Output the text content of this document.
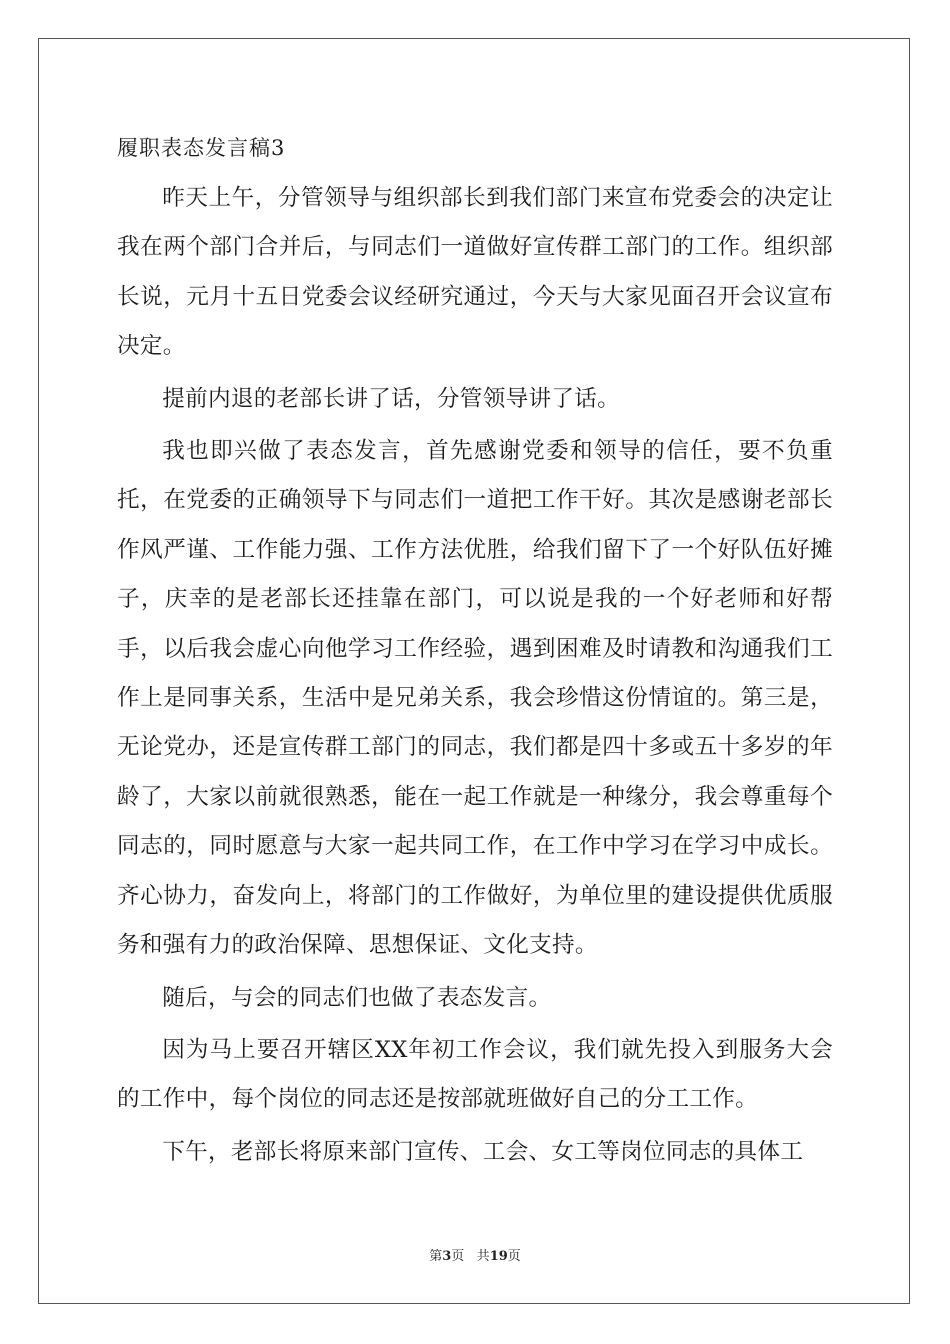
履职表态发言稿3

昨天上午，分管领导与组织部长到我们部门来宣布党委会的决定让我在两个部门合并后，与同志们一道做好宣传群工部门的工作。组织部长说，元月十五日党委会议经研究通过，今天与大家见面召开会议宣布决定。

提前内退的老部长讲了话，分管领导讲了话。

我也即兴做了表态发言，首先感谢党委和领导的信任，要不负重托，在党委的正确领导下与同志们一道把工作干好。其次是感谢老部长作风严谨、工作能力强、工作方法优胜，给我们留下了一个好队伍好摊子，庆幸的是老部长还挂靠在部门，可以说是我的一个好老师和好帮手，以后我会虚心向他学习工作经验，遇到困难及时请教和沟通我们工作上是同事关系，生活中是兄弟关系，我会珍惜这份情谊的。第三是，无论党办，还是宣传群工部门的同志，我们都是四十多或五十多岁的年龄了，大家以前就很熟悉，能在一起工作就是一种缘分，我会尊重每个同志的，同时愿意与大家一起共同工作，在工作中学习在学习中成长。齐心协力，奋发向上，将部门的工作做好，为单位里的建设提供优质服务和强有力的政治保障、思想保证、文化支持。

随后，与会的同志们也做了表态发言。

因为马上要召开辖区XX年初工作会议，我们就先投入到服务大会的工作中，每个岗位的同志还是按部就班做好自己的分工工作。

下午，老部长将原来部门宣传、工会、女工等岗位同志的具体工

第3页 共19页
